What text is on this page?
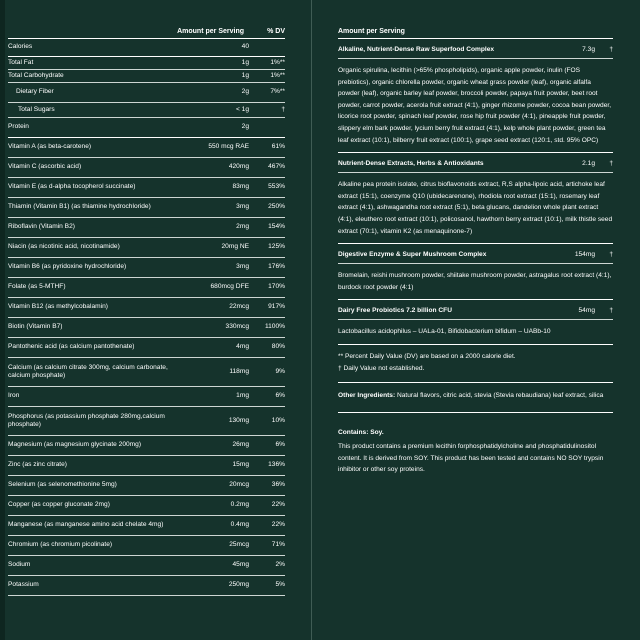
Amount per Serving	% DV
Calories	40
Total Fat	1g	1%**
Total Carbohydrate	1g	1%**
Dietary Fiber	2g	7%**
Total Sugars	< 1g	†
Protein	2g
Vitamin A (as beta-carotene)	550 mcg RAE	61%
Vitamin C (ascorbic acid)	420mg	467%
Vitamin E (as d-alpha tocopherol succinate)	83mg	553%
Thiamin (Vitamin B1) (as thiamine hydrochloride)	3mg	250%
Riboflavin (Vitamin B2)	2mg	154%
Niacin (as nicotinic acid, nicotinamide)	20mg NE	125%
Vitamin B6 (as pyridoxine hydrochloride)	3mg	176%
Folate (as 5-MTHF)	680mcg DFE	170%
Vitamin B12 (as methylcobalamin)	22mcg	917%
Biotin (Vitamin B7)	330mcg	1100%
Pantothenic acid (as calcium pantothenate)	4mg	80%
Calcium (as calcium citrate 300mg, calcium carbonate, calcium phosphate)
118mg	9%
Iron	1mg	6%
Phosphorus (as potassium phosphate 280mg,calcium phosphate)
130mg	10%
Magnesium (as magnesium glycinate 200mg)	26mg	6%
Zinc (as zinc citrate)	15mg	136%
Selenium (as selenomethionine 5mg)	20mcg	36%
Copper (as copper gluconate 2mg)	0.2mg	22%
Manganese (as manganese amino acid chelate 4mg)	0.4mg	22%
Chromium (as chromium picolinate)	25mcg	71%
Sodium	45mg	2%
Potassium	250mg	5%
Amount per Serving
Alkaline, Nutrient-Dense Raw Superfood Complex	7.3g	†
Organic spirulina, lecithin (>65% phospholipids), organic apple powder, inulin (FOS prebiotics), organic chlorella powder, organic wheat grass powder (leaf), organic alfalfa powder (leaf), organic barley leaf powder, broccoli powder, papaya fruit powder, beet root powder, carrot powder, acerola fruit extract (4:1), ginger rhizome powder, cocoa bean powder, licorice root powder, spinach leaf powder, rose hip fruit powder (4:1), pineapple fruit powder, slippery elm bark powder, lycium berry fruit extract (4:1), kelp whole plant powder, green tea leaf extract (10:1), bilberry fruit extract (100:1), grape seed extract (120:1, std. 95% OPC)
Nutrient-Dense Extracts, Herbs & Antioxidants	2.1g	†
Alkaline pea protein isolate, citrus bioflavonoids extract, R,S alpha-lipoic acid, artichoke leaf extract (15:1), coenzyme Q10 (ubidecarenone), rhodiola root extract (15:1), rosemary leaf extract (4:1), ashwagandha root extract (5:1), beta glucans, dandelion whole plant extract (4:1), eleuthero root extract (10:1), policosanol, hawthorn berry extract (10:1), milk thistle seed extract (70:1), vitamin K2 (as menaquinone-7)
Digestive Enzyme & Super Mushroom Complex	154mg	†
Bromelain, reishi mushroom powder, shiitake mushroom powder, astragalus root extract (4:1), burdock root powder (4:1)
Dairy Free Probiotics 7.2 billion CFU	54mg	†
Lactobacillus acidophilus – UALa-01, Bifidobacterium bifidum – UABb-10
** Percent Daily Value (DV) are based on a 2000 calorie diet.
† Daily Value not established.
Other Ingredients: Natural flavors, citric acid, stevia (Stevia rebaudiana) leaf extract, silica
Contains: Soy.
This product contains a premium lecithin forphosphatidylcholine and phosphatidulinositol content. It is derived from SOY. This product has been tested and contains NO SOY trypsin inhibitor or other soy proteins.
